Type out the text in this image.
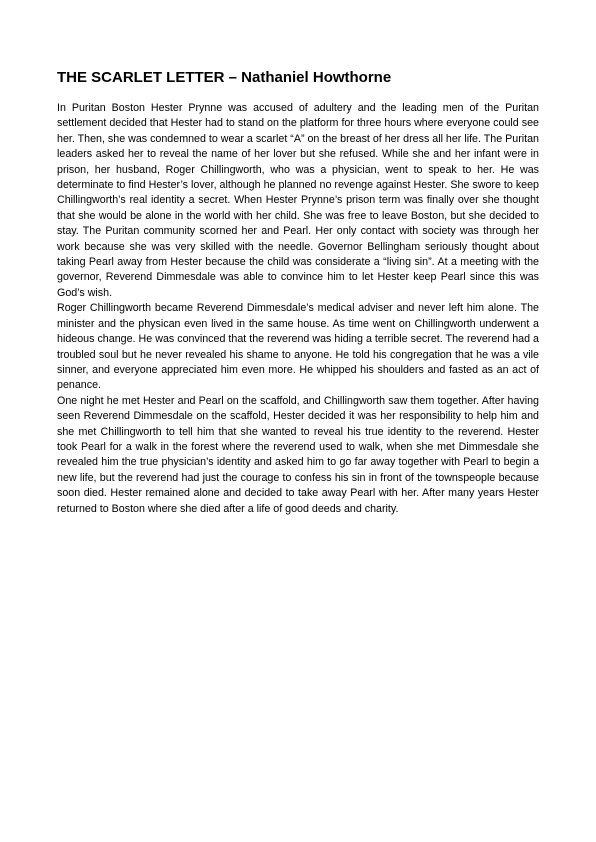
THE SCARLET LETTER – Nathaniel Howthorne

In Puritan Boston Hester Prynne was accused of adultery and the leading men of the Puritan settlement decided that Hester had to stand on the platform for three hours where everyone could see her. Then, she was condemned to wear a scarlet “A” on the breast of her dress all her life. The Puritan leaders asked her to reveal the name of her lover but she refused. While she and her infant were in prison, her husband, Roger Chillingworth, who was a physician, went to speak to her. He was determinate to find Hester’s lover, although he planned no revenge against Hester. She swore to keep Chillingworth’s real identity a secret. When Hester Prynne’s prison term was finally over she thought that she would be alone in the world with her child. She was free to leave Boston, but she decided to stay. The Puritan community scorned her and Pearl. Her only contact with society was through her work because she was very skilled with the needle. Governor Bellingham seriously thought about taking Pearl away from Hester because the child was considerate a “living sin”. At a meeting with the governor, Reverend Dimmesdale was able to convince him to let Hester keep Pearl since this was God’s wish.

Roger Chillingworth became Reverend Dimmesdale’s medical adviser and never left him alone. The minister and the physican even lived in the same house. As time went on Chillingworth underwent a hideous change. He was convinced that the reverend was hiding a terrible secret. The reverend had a troubled soul but he never revealed his shame to anyone. He told his congregation that he was a vile sinner, and everyone appreciated him even more. He whipped his shoulders and fasted as an act of penance.

One night he met Hester and Pearl on the scaffold, and Chillingworth saw them together. After having seen Reverend Dimmesdale on the scaffold, Hester decided it was her responsibility to help him and she met Chillingworth to tell him that she wanted to reveal his true identity to the reverend. Hester took Pearl for a walk in the forest where the reverend used to walk, when she met Dimmesdale she revealed him the true physician’s identity and asked him to go far away together with Pearl to begin a new life, but the reverend had just the courage to confess his sin in front of the townspeople because soon died. Hester remained alone and decided to take away Pearl with her. After many years Hester returned to Boston where she died after a life of good deeds and charity.
